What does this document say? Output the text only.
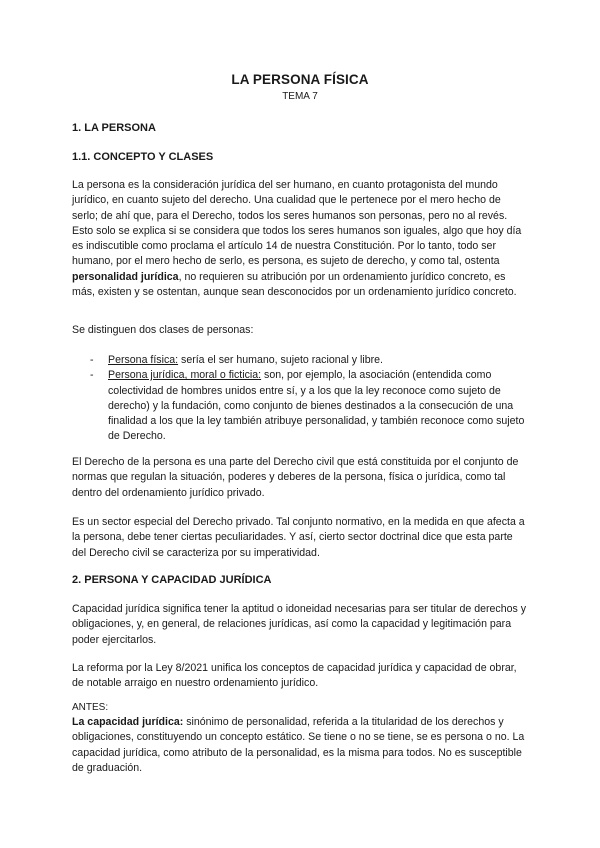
LA PERSONA FÍSICA
TEMA 7
1. LA PERSONA
1.1. CONCEPTO Y CLASES
La persona es la consideración jurídica del ser humano, en cuanto protagonista del mundo jurídico, en cuanto sujeto del derecho. Una cualidad que le pertenece por el mero hecho de serlo; de ahí que, para el Derecho, todos los seres humanos son personas, pero no al revés. Esto solo se explica si se considera que todos los seres humanos son iguales, algo que hoy día es indiscutible como proclama el artículo 14 de nuestra Constitución. Por lo tanto, todo ser humano, por el mero hecho de serlo, es persona, es sujeto de derecho, y como tal, ostenta personalidad jurídica, no requieren su atribución por un ordenamiento jurídico concreto, es más, existen y se ostentan, aunque sean desconocidos por un ordenamiento jurídico concreto.
Se distinguen dos clases de personas:
- Persona física: sería el ser humano, sujeto racional y libre.
- Persona jurídica, moral o ficticia: son, por ejemplo, la asociación (entendida como colectividad de hombres unidos entre sí, y a los que la ley reconoce como sujeto de derecho) y la fundación, como conjunto de bienes destinados a la consecución de una finalidad a los que la ley también atribuye personalidad, y también reconoce como sujeto de Derecho.
El Derecho de la persona es una parte del Derecho civil que está constituida por el conjunto de normas que regulan la situación, poderes y deberes de la persona, física o jurídica, como tal dentro del ordenamiento jurídico privado.
Es un sector especial del Derecho privado. Tal conjunto normativo, en la medida en que afecta a la persona, debe tener ciertas peculiaridades. Y así, cierto sector doctrinal dice que esta parte del Derecho civil se caracteriza por su imperatividad.
2. PERSONA Y CAPACIDAD JURÍDICA
Capacidad jurídica significa tener la aptitud o idoneidad necesarias para ser titular de derechos y obligaciones, y, en general, de relaciones jurídicas, así como la capacidad y legitimación para poder ejercitarlos.
La reforma por la Ley 8/2021 unifica los conceptos de capacidad jurídica y capacidad de obrar, de notable arraigo en nuestro ordenamiento jurídico.
ANTES:
La capacidad jurídica: sinónimo de personalidad, referida a la titularidad de los derechos y obligaciones, constituyendo un concepto estático. Se tiene o no se tiene, se es persona o no. La capacidad jurídica, como atributo de la personalidad, es la misma para todos. No es susceptible de graduación.
